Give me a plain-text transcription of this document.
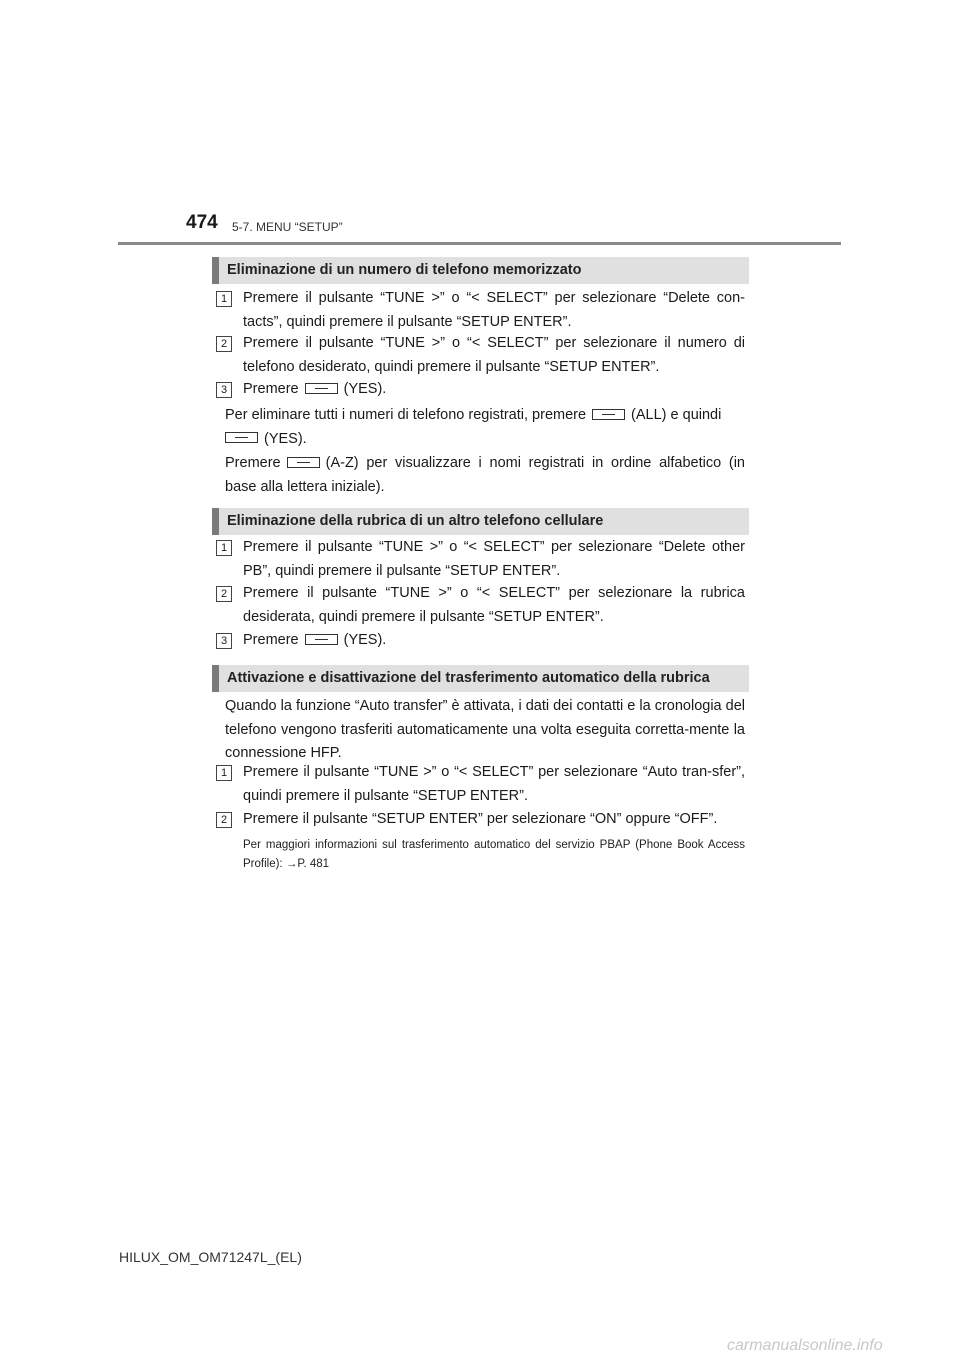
474 5-7. MENU “SETUP”
Eliminazione di un numero di telefono memorizzato
1	Premere il pulsante “TUNE >” o “< SELECT” per selezionare “Delete con-tacts”, quindi premere il pulsante “SETUP ENTER”.
2	Premere il pulsante “TUNE >” o “< SELECT” per selezionare il numero di telefono desiderato, quindi premere il pulsante “SETUP ENTER”.
3	Premere	(YES).
Per eliminare tutti i numeri di telefono registrati, premere	(ALL) e quindi
(YES).
Premere	(A-Z) per visualizzare i nomi registrati in ordine alfabetico (in base alla lettera iniziale).
Eliminazione della rubrica di un altro telefono cellulare
1	Premere il pulsante “TUNE >” o “< SELECT” per selezionare “Delete other PB”, quindi premere il pulsante “SETUP ENTER”.
2	Premere il pulsante “TUNE >” o “< SELECT” per selezionare la rubrica desiderata, quindi premere il pulsante “SETUP ENTER”.
3	Premere	(YES).
Attivazione e disattivazione del trasferimento automatico della rubrica
Quando la funzione “Auto transfer” è attivata, i dati dei contatti e la cronologia del telefono vengono trasferiti automaticamente una volta eseguita corretta-mente la connessione HFP.
1	Premere il pulsante “TUNE >” o “< SELECT” per selezionare “Auto tran-sfer”, quindi premere il pulsante “SETUP ENTER”.
2	Premere il pulsante “SETUP ENTER” per selezionare “ON” oppure “OFF”.
Per maggiori informazioni sul trasferimento automatico del servizio PBAP (Phone Book Access Profile): →P. 481
HILUX_OM_OM71247L_(EL)
carmanualsonline.info
